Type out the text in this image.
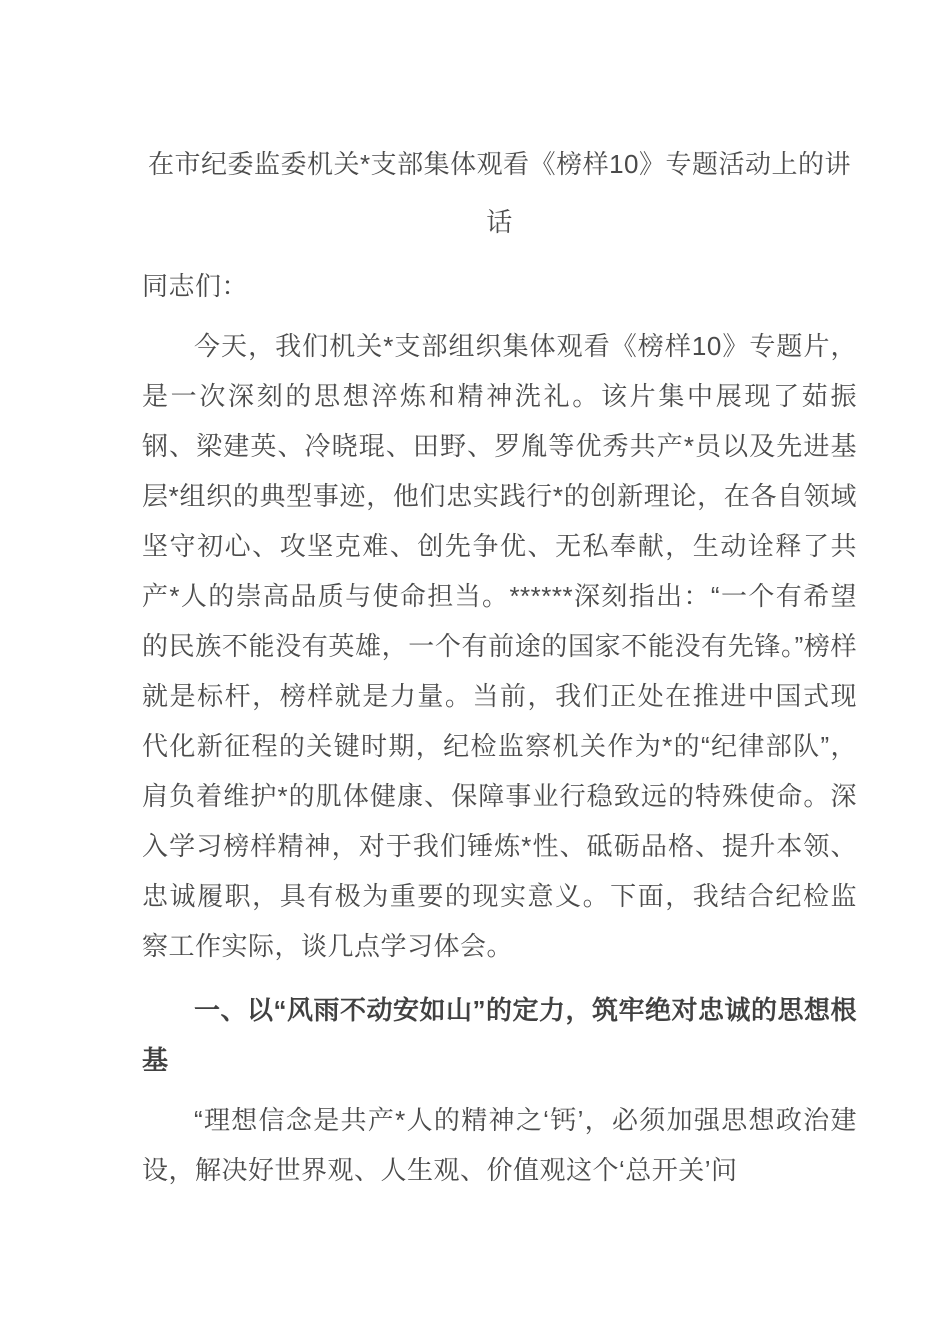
在市纪委监委机关*支部集体观看《榜样10》专题活动上的讲话

同志们：

今天，我们机关*支部组织集体观看《榜样10》专题片，是一次深刻的思想淬炼和精神洗礼。该片集中展现了茹振钢、梁建英、冷晓琨、田野、罗胤等优秀共产*员以及先进基层*组织的典型事迹，他们忠实践行*的创新理论，在各自领域坚守初心、攻坚克难、创先争优、无私奉献，生动诠释了共产*人的崇高品质与使命担当。******深刻指出：“一个有希望的民族不能没有英雄，一个有前途的国家不能没有先锋。”榜样就是标杆，榜样就是力量。当前，我们正处在推进中国式现代化新征程的关键时期，纪检监察机关作为*的“纪律部队”，肩负着维护*的肌体健康、保障事业行稳致远的特殊使命。深入学习榜样精神，对于我们锤炼*性、砥砺品格、提升本领、忠诚履职，具有极为重要的现实意义。下面，我结合纪检监察工作实际，谈几点学习体会。

一、以“风雨不动安如山”的定力，筑牢绝对忠诚的思想根基

“理想信念是共产*人的精神之‘钙’，必须加强思想政治建设，解决好世界观、人生观、价值观这个‘总开关’问
